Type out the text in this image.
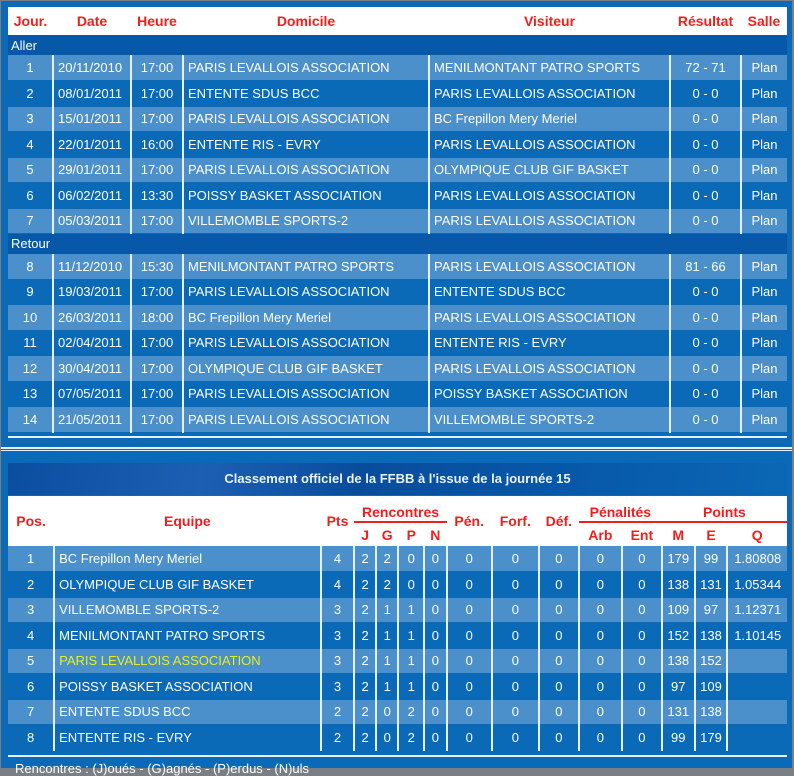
Jour.	Date	Heure	Domicile	Visiteur	Résultat	Salle
Aller						
1	20/11/2010	17:00	PARIS LEVALLOIS ASSOCIATION	MENILMONTANT PATRO SPORTS	72 - 71	Plan
2	08/01/2011	17:00	ENTENTE SDUS BCC	PARIS LEVALLOIS ASSOCIATION	0 - 0	Plan
3	15/01/2011	17:00	PARIS LEVALLOIS ASSOCIATION	BC Frepillon Mery Meriel	0 - 0	Plan
4	22/01/2011	16:00	ENTENTE RIS - EVRY	PARIS LEVALLOIS ASSOCIATION	0 - 0	Plan
5	29/01/2011	17:00	PARIS LEVALLOIS ASSOCIATION	OLYMPIQUE CLUB GIF BASKET	0 - 0	Plan
6	06/02/2011	13:30	POISSY BASKET ASSOCIATION	PARIS LEVALLOIS ASSOCIATION	0 - 0	Plan
7	05/03/2011	17:00	VILLEMOMBLE SPORTS-2	PARIS LEVALLOIS ASSOCIATION	0 - 0	Plan
Retour						
8	11/12/2010	15:30	MENILMONTANT PATRO SPORTS	PARIS LEVALLOIS ASSOCIATION	81 - 66	Plan
9	19/03/2011	17:00	PARIS LEVALLOIS ASSOCIATION	ENTENTE SDUS BCC	0 - 0	Plan
10	26/03/2011	18:00	BC Frepillon Mery Meriel	PARIS LEVALLOIS ASSOCIATION	0 - 0	Plan
11	02/04/2011	17:00	PARIS LEVALLOIS ASSOCIATION	ENTENTE RIS - EVRY	0 - 0	Plan
12	30/04/2011	17:00	OLYMPIQUE CLUB GIF BASKET	PARIS LEVALLOIS ASSOCIATION	0 - 0	Plan
13	07/05/2011	17:00	PARIS LEVALLOIS ASSOCIATION	POISSY BASKET ASSOCIATION	0 - 0	Plan
14	21/05/2011	17:00	PARIS LEVALLOIS ASSOCIATION	VILLEMOMBLE SPORTS-2	0 - 0	Plan
Classement officiel de la FFBB à l'issue de la journée 15
Pos.	Equipe	Pts	Rencontres				Pén.	Forf.	Déf.	Pénalités		Points		
			J	G	P	N				Arb	Ent	M	E	Q
1	BC Frepillon Mery Meriel	4	2	2	0	0	0	0	0	0	0	179	99	1.80808
2	OLYMPIQUE CLUB GIF BASKET	4	2	2	0	0	0	0	0	0	0	138	131	1.05344
3	VILLEMOMBLE SPORTS-2	3	2	1	1	0	0	0	0	0	0	109	97	1.12371
4	MENILMONTANT PATRO SPORTS	3	2	1	1	0	0	0	0	0	0	152	138	1.10145
5	PARIS LEVALLOIS ASSOCIATION	3	2	1	1	0	0	0	0	0	0	138	152	
6	POISSY BASKET ASSOCIATION	3	2	1	1	0	0	0	0	0	0	97	109	
7	ENTENTE SDUS BCC	2	2	0	2	0	0	0	0	0	0	131	138	
8	ENTENTE RIS - EVRY	2	2	0	2	0	0	0	0	0	0	99	179	
Rencontres : (J)oués - (G)agnés - (P)erdus - (N)uls
